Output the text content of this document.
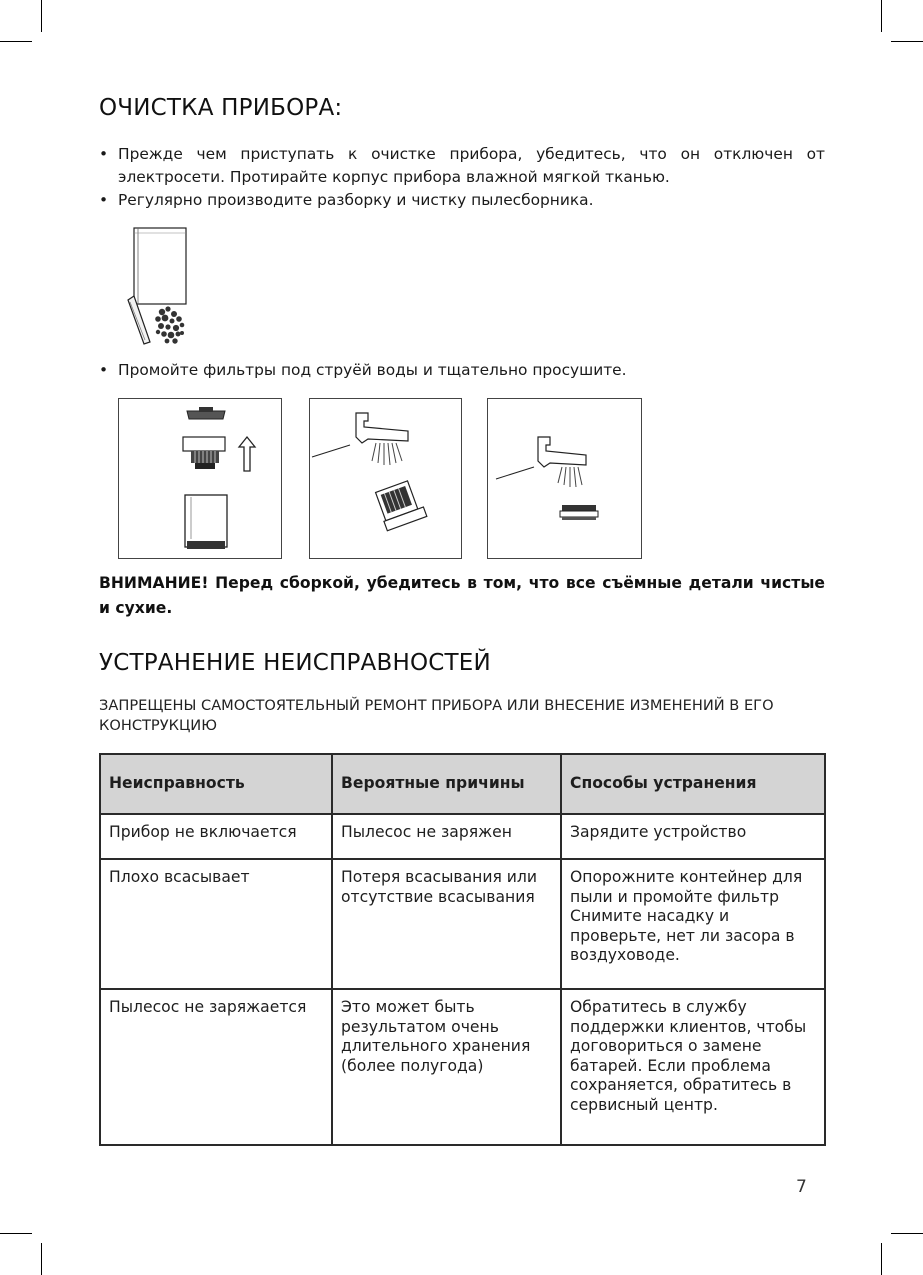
ОЧИСТКА ПРИБОРА:
• Прежде чем приступать к очистке прибора, убедитесь, что он отключен от электросети. Протирайте корпус прибора влажной мягкой тканью.
• Регулярно производите разборку и чистку пылесборника.
• Промойте фильтры под струёй воды и тщательно просушите.
ВНИМАНИЕ! Перед сборкой, убедитесь в том, что все съёмные детали чистые и сухие.
УСТРАНЕНИЕ НЕИСПРАВНОСТЕЙ
ЗАПРЕЩЕНЫ САМОСТОЯТЕЛЬНЫЙ РЕМОНТ ПРИБОРА ИЛИ ВНЕСЕНИЕ ИЗМЕНЕНИЙ В ЕГО КОНСТРУКЦИЮ
Неисправность	Вероятные причины	Способы устранения
Прибор не включается	Пылесос не заряжен	Зарядите устройство
Плохо всасывает	Потеря всасывания или отсутствие всасывания	Опорожните контейнер для пыли и промойте фильтр Снимите насадку и проверьте, нет ли засора в воздуховоде.
Пылесос не заряжается	Это может быть результатом очень длительного хранения (более полугода)	Обратитесь в службу поддержки клиентов, чтобы договориться о замене батарей. Если проблема сохраняется, обратитесь в сервисный центр.
7
